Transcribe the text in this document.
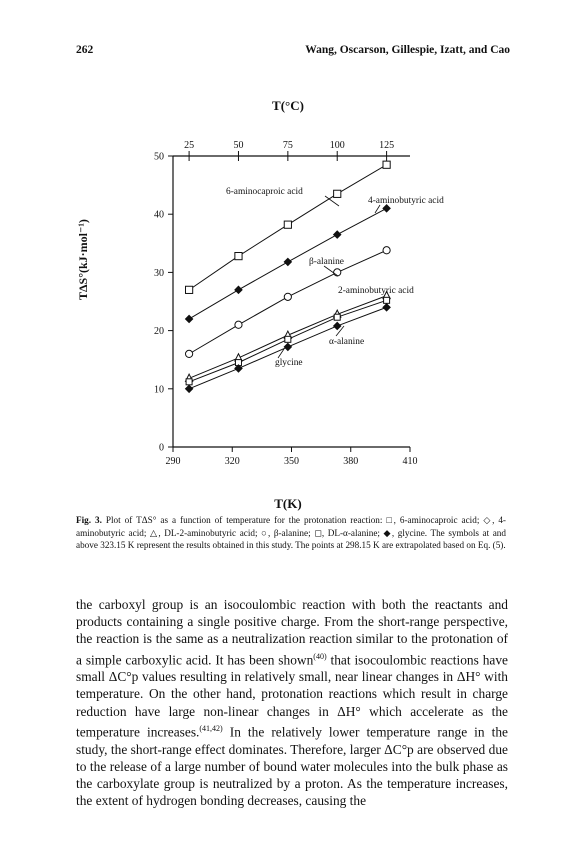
262	Wang, Oscarson, Gillespie, Izatt, and Cao
T(°C)
TΔS°(kJ·mol⁻¹)
0
10
20
30
40
50
290	320	350	380	410
25	50	75	100	125
6-aminocaproic acid
4-aminobutyric acid
β-alanine
2-aminobutyric acid
α-alanine
glycine
T(K)
Fig. 3. Plot of TΔS° as a function of temperature for the protonation reaction: □, 6-aminocaproic acid; ◇, 4-aminobutyric acid; △, DL-2-aminobutyric acid; ○, β-alanine; ◻, DL-α-alanine; ◆, glycine. The symbols at and above 323.15 K represent the results obtained in this study. The points at 298.15 K are extrapolated based on Eq. (5).

the carboxyl group is an isocoulombic reaction with both the reactants and products containing a single positive charge. From the short-range perspective, the reaction is the same as a neutralization reaction similar to the protonation of a simple carboxylic acid. It has been shown$^{(40)}$ that isocoulombic reactions have small ΔC°p values resulting in relatively small, near linear changes in ΔH° with temperature. On the other hand, protonation reactions which result in charge reduction have large non-linear changes in ΔH° which accelerate as the temperature increases.$^{(41,42)}$ In the relatively lower temperature range in the study, the short-range effect dominates. Therefore, larger ΔC°p are observed due to the release of a large number of bound water molecules into the bulk phase as the carboxylate group is neutralized by a proton. As the temperature increases, the extent of hydrogen bonding decreases, causing the
